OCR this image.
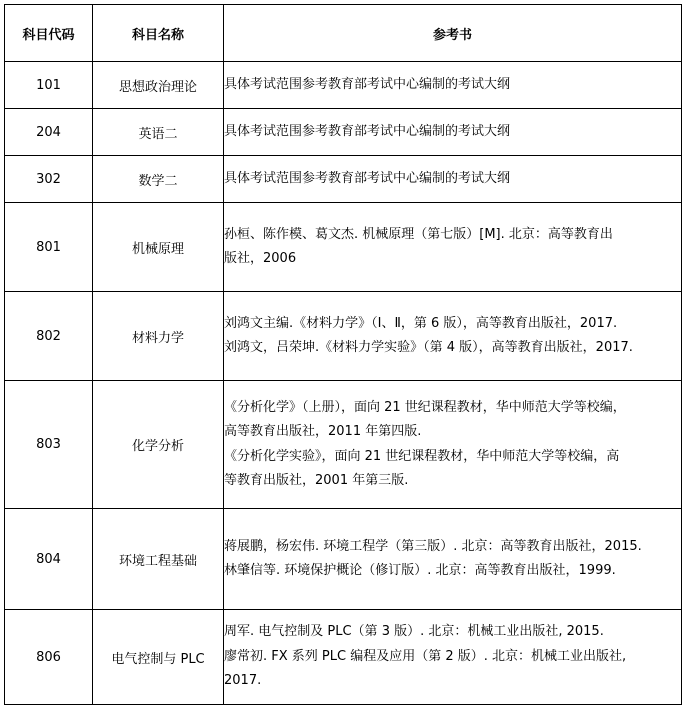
科目代码	科目名称	参考书
101	思想政治理论	具体考试范围参考教育部考试中心编制的考试大纲

204	英语二	具体考试范围参考教育部考试中心编制的考试大纲

302	数学二	具体考试范围参考教育部考试中心编制的考试大纲

801	机械原理	孙桓、陈作模、葛文杰. 机械原理（第七版）[M]. 北京：高等教育出
版社，2006

802	材料力学	刘鸿文主编.《材料力学》（Ⅰ、Ⅱ，第 6 版），高等教育出版社，2017.
刘鸿文，吕荣坤.《材料力学实验》（第 4 版），高等教育出版社，2017.

803	化学分析	《分析化学》（上册），面向 21 世纪课程教材，华中师范大学等校编，
高等教育出版社，2011 年第四版.
《分析化学实验》，面向 21 世纪课程教材，华中师范大学等校编，高
等教育出版社，2001 年第三版.

804	环境工程基础	蒋展鹏，杨宏伟. 环境工程学（第三版）. 北京：高等教育出版社，2015.
林肇信等. 环境保护概论（修订版）. 北京：高等教育出版社，1999.

806	电气控制与 PLC	周军. 电气控制及 PLC（第 3 版）. 北京：机械工业出版社, 2015.
廖常初. FX 系列 PLC 编程及应用（第 2 版）. 北京：机械工业出版社,
2017.
